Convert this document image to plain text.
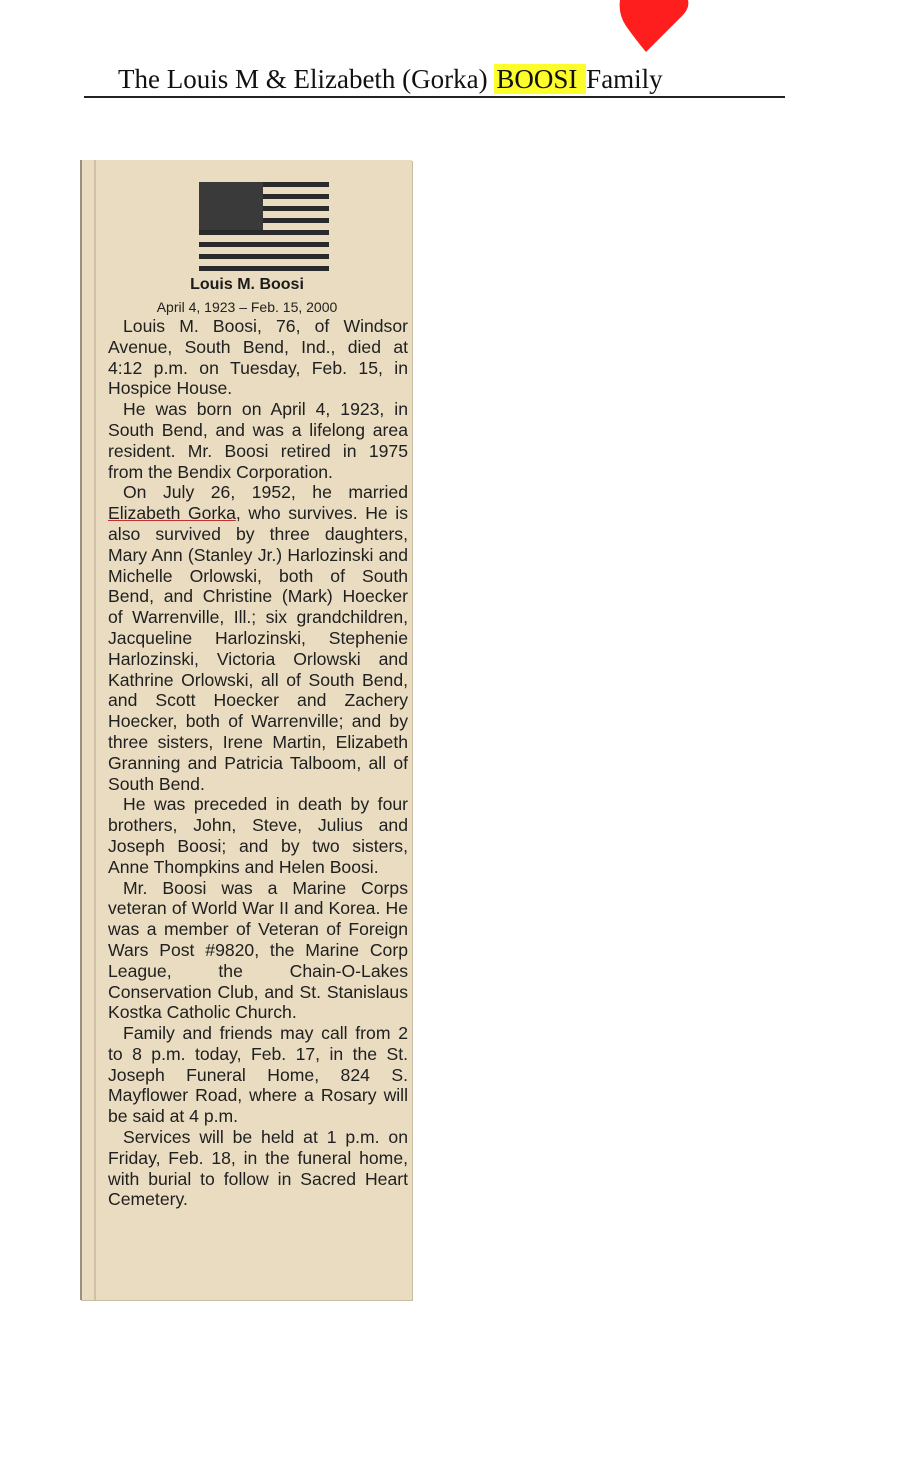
The Louis M & Elizabeth (Gorka) BOOSI Family
Louis M. Boosi
April 4, 1923 – Feb. 15, 2000

Louis M. Boosi, 76, of Windsor Avenue, South Bend, Ind., died at 4:12 p.m. on Tuesday, Feb. 15, in Hospice House.

He was born on April 4, 1923, in South Bend, and was a lifelong area resident. Mr. Boosi retired in 1975 from the Bendix Corporation.

On July 26, 1952, he married Elizabeth Gorka, who survives. He is also survived by three daughters, Mary Ann (Stanley Jr.) Harlozinski and Michelle Orlowski, both of South Bend, and Christine (Mark) Hoecker of Warrenville, Ill.; six grandchildren, Jacqueline Harlozinski, Stephenie Harlozinski, Victoria Orlowski and Kathrine Orlowski, all of South Bend, and Scott Hoecker and Zachery Hoecker, both of Warrenville; and by three sisters, Irene Martin, Elizabeth Granning and Patricia Talboom, all of South Bend.

He was preceded in death by four brothers, John, Steve, Julius and Joseph Boosi; and by two sisters, Anne Thompkins and Helen Boosi.

Mr. Boosi was a Marine Corps veteran of World War II and Korea. He was a member of Veteran of Foreign Wars Post #9820, the Marine Corp League, the Chain-O-Lakes Conservation Club, and St. Stanislaus Kostka Catholic Church.

Family and friends may call from 2 to 8 p.m. today, Feb. 17, in the St. Joseph Funeral Home, 824 S. Mayflower Road, where a Rosary will be said at 4 p.m.

Services will be held at 1 p.m. on Friday, Feb. 18, in the funeral home, with burial to follow in Sacred Heart Cemetery.
